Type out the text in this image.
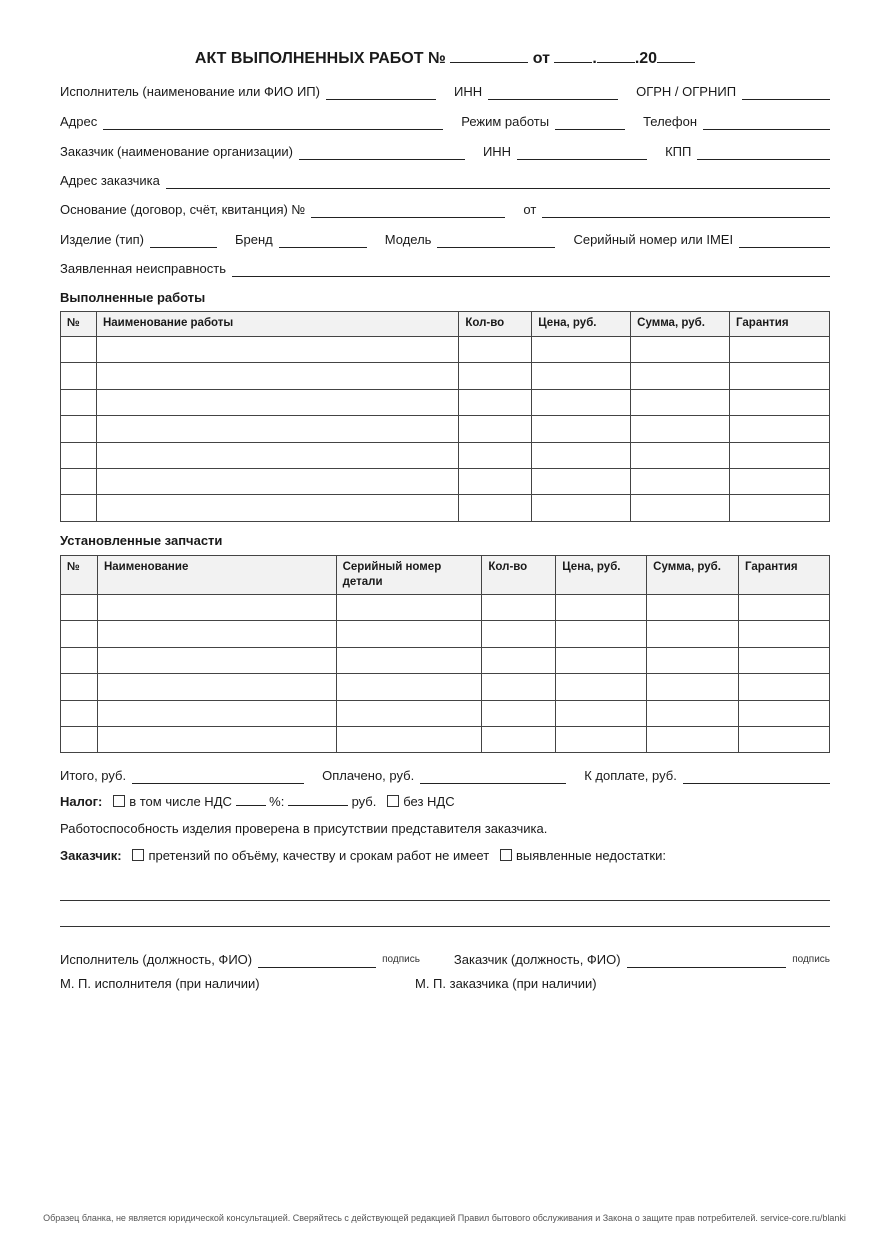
АКТ ВЫПОЛНЕННЫХ РАБОТ №	от	. .20
Исполнитель (наименование или ФИО ИП)	ИНН	ОГРН / ОГРНИП
Адрес	Режим работы	Телефон
Заказчик (наименование организации)	ИНН	КПП
Адрес заказчика
Основание (договор, счёт, квитанция) №	от
Изделие (тип)	Бренд	Модель	Серийный номер или IMEI
Заявленная неисправность
Выполненные работы
№	Наименование работы	Кол-во	Цена, руб.	Сумма, руб.	Гарантия

Установленные запчасти
№	Наименование	Серийный номер детали	Кол-во	Цена, руб.	Сумма, руб.	Гарантия

Итого, руб.	Оплачено, руб.	К доплате, руб.
Налог: в том числе НДС	%:	руб. без НДС
Работоспособность изделия проверена в присутствии представителя заказчика.
Заказчик: претензий по объёму, качеству и срокам работ не имеет выявленные недостатки:
Исполнитель (должность, ФИО)	подпись	Заказчик (должность, ФИО)	подпись
М. П. исполнителя (при наличии)	М. П. заказчика (при наличии)
Образец бланка, не является юридической консультацией. Сверяйтесь с действующей редакцией Правил бытового обслуживания и Закона о защите прав потребителей. service-core.ru/blanki
